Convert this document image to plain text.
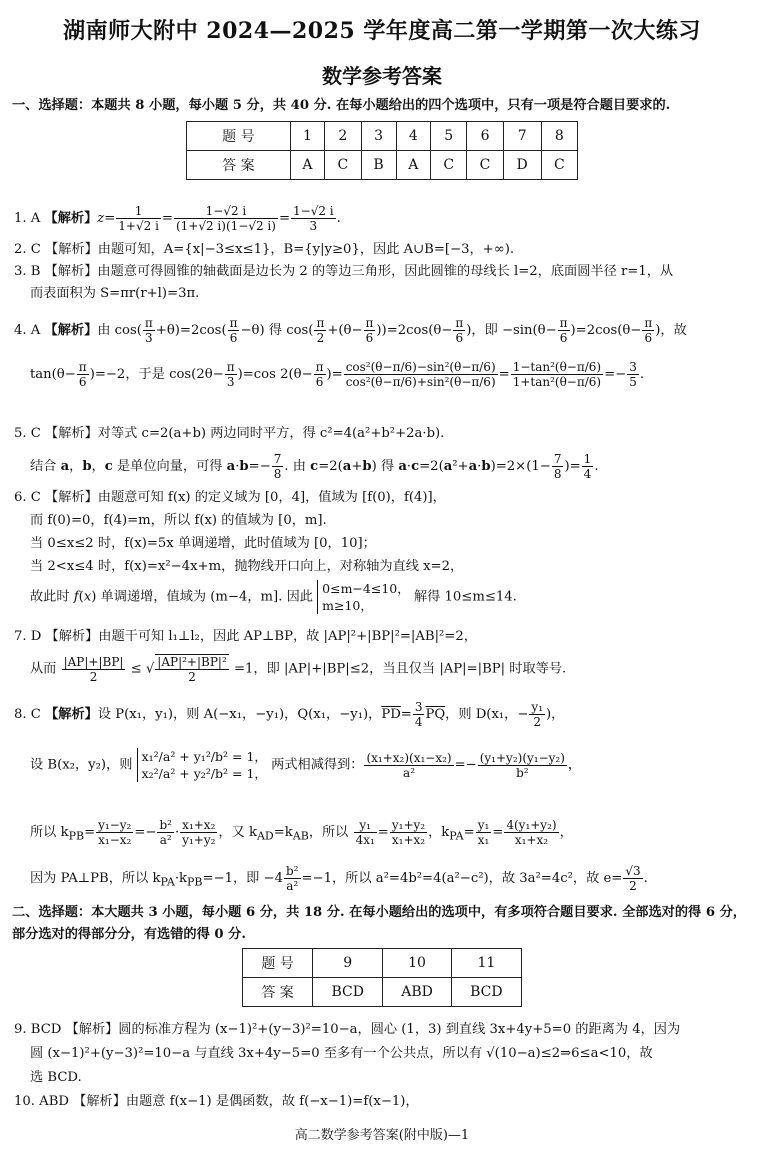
湖南师大附中 2024—2025 学年度高二第一学期第一次大练习
数学参考答案
一、选择题：本题共 8 小题，每小题 5 分，共 40 分. 在每小题给出的四个选项中，只有一项是符合题目要求的.
题 号	1	2	3	4	5	6	7	8
答 案	A	C	B	A	C	C	D	C
1. A 【解析】$z= \frac{1}{1+√2 i} = \frac{1-√2 i}{(1+√2 i)(1-√2 i)} = \frac{1-√2 i}{3}$ .
2. C 【解析】由题可知，A={x|−3≤x≤1}，B={y|y≥0}，因此 A∪B=[−3，+∞).
3. B 【解析】由题意可得圆锥的轴截面是边长为 2 的等边三角形，因此圆锥的母线长 l=2，底面圆半径 r=1，从
而表面积为 S=πr(r+l)=3π.
4. A 【解析】由 $\cos( \frac{\pi}{3} +\theta)=2\cos( \frac{\pi}{6} -\theta)$ 得 $\cos( \frac{\pi}{2} +(\theta- \frac{\pi}{6} ))=2\cos(\theta- \frac{\pi}{6}$ )，即 $-\sin(\theta- \frac{\pi}{6} )=2\cos(\theta- \frac{\pi}{6}$ )，故
$\tan(\theta- \frac{\pi}{6} )=-2$，于是 $\cos(2\theta- \frac{\pi}{3} )=\cos$ $2(\theta- \frac{\pi}{6}$ )= $\frac{\text{cos²(θ−π/6)−sin²(θ−π/6)}}{\text{cos²(θ−π/6)+sin²(θ−π/6)}} = \frac{\text{1−tan²(θ−π/6)}}{\text{1+tan²(θ−π/6)}} =- \frac{3}{5}$ .
5. C 【解析】对等式 c=2(a+b) 两边同时平方，得 c²=4(a²+b²+2a·b).
结合 a，b，c 是单位向量，可得 $a\cdot b=- \frac{7}{8}$ . 由 c=2(a+b) 得 $a\cdot c=2(a^2+a\cdot b)=2\times(1- \frac{7}{8}$ )= $\frac{1}{4}$ .
6. C 【解析】由题意可知 f(x) 的定义域为 [0，4]，值域为 [f(0)，f(4)]，
而 f(0)=0，f(4)=m，所以 f(x) 的值域为 [0，m].
当 0≤x≤2 时，f(x)=5x 单调递增，此时值域为 [0，10]；
当 2<x≤4 时，f(x)=x²−4x+m，抛物线开口向上，对称轴为直线 x=2，
故此时 f(x) 单调递增，值域为 (m−4，m]. 因此
0≤m−4≤10，
m≥10，
解得 10≤m≤14.
7. D 【解析】由题干可知 l₁⊥l₂，因此 AP⊥BP，故 |AP|²+|BP|²=|AB|²=2，
从而 $\frac{|AP|+|BP|}{2}$ ≤ √ $\frac{\text{|AP|²+|BP|²}}{2} =1$，即 |AP|+|BP|≤2，当且仅当 |AP|=|BP| 时取等号.
8. C 【解析】设 P(x₁，y₁)，则 A(−x₁，−y₁)，Q(x₁，−y₁)，$\overline{PD}= \frac{3}{4} \overline{PQ}$，则 D(x₁，− $\frac{\text{y₁}}{2}$ )，
设 B(x₂，y₂)，则
x₁²/a² + y₁²/b² = 1，
x₂²/a² + y₂²/b² = 1，
两式相减得到： $\frac{\text{(x₁+x₂)(x₁−x₂)}}{\text{a²}} =- \frac{\text{(y₁+y₂)(y₁−y₂)}}{\text{b²}}$ ，
所以 $k_{PB}= \frac{\text{y₁−y₂}}{\text{x₁−x₂}} =- \frac{\text{b²}}{\text{a²}} \cdot \frac{\text{x₁+x₂}}{\text{y₁+y₂}}$ ，又 $k_{AD}=k_{AB}$，所以 $\frac{\text{y₁}}{\text{4x₁}} = \frac{\text{y₁+y₂}}{\text{x₁+x₂}}$ ，$k_{PA}= \frac{\text{y₁}}{\text{x₁}} = \frac{\text{4(y₁+y₂)}}{\text{x₁+x₂}}$ ，
因为 PA⊥PB，所以 $k_{PA}\cdot k_{PB}=-1$，即 $-4 \frac{\text{b²}}{\text{a²}} =-1$，所以 a²=4b²=4(a²−c²)，故 3a²=4c²，故 $e= \frac{√3}{2}$ .
二、选择题：本大题共 3 小题，每小题 6 分，共 18 分. 在每小题给出的选项中，有多项符合题目要求. 全部选对的得 6 分，
部分选对的得部分分，有选错的得 0 分.
题 号	9	10	11
答 案	BCD	ABD	BCD
9. BCD 【解析】圆的标准方程为 (x−1)²+(y−3)²=10−a，圆心 (1，3) 到直线 3x+4y+5=0 的距离为 4，因为
圆 (x−1)²+(y−3)²=10−a 与直线 3x+4y−5=0 至多有一个公共点，所以有 √(10−a)≤2⇒6≤a<10，故
选 BCD.
10. ABD 【解析】由题意 f(x−1) 是偶函数，故 f(−x−1)=f(x−1)，
高二数学参考答案(附中版)—1
